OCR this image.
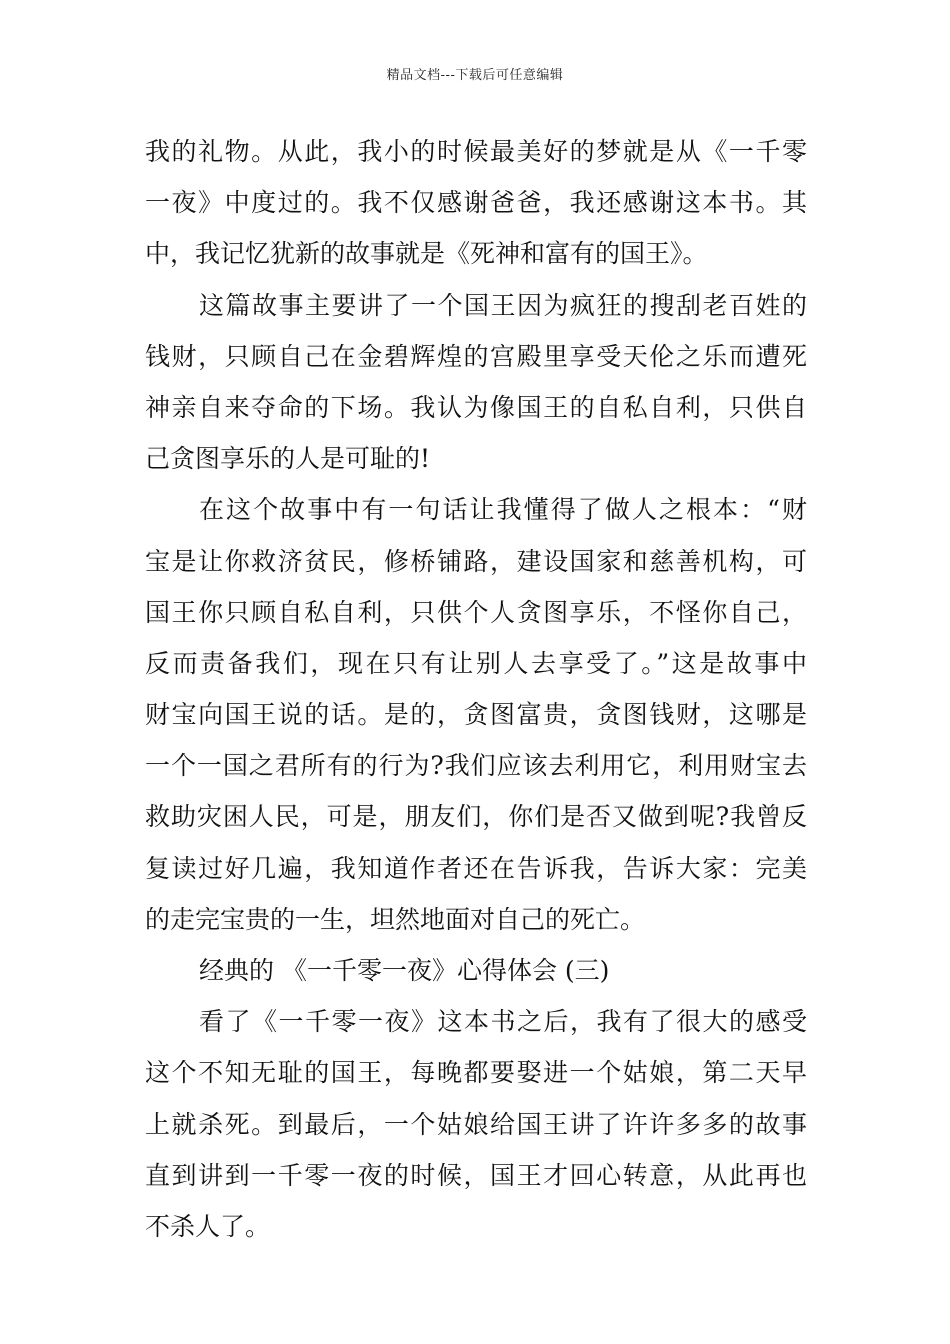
精品文档---下载后可任意编辑
我的礼物。从此，我小的时候最美好的梦就是从《一千零
一夜》中度过的。我不仅感谢爸爸，我还感谢这本书。其
中，我记忆犹新的故事就是《死神和富有的国王》。
这篇故事主要讲了一个国王因为疯狂的搜刮老百姓的
钱财，只顾自己在金碧辉煌的宫殿里享受天伦之乐而遭死
神亲自来夺命的下场。我认为像国王的自私自利，只供自
己贪图享乐的人是可耻的!
在这个故事中有一句话让我懂得了做人之根本：“财
宝是让你救济贫民，修桥铺路，建设国家和慈善机构，可
国王你只顾自私自利，只供个人贪图享乐，不怪你自己，
反而责备我们，现在只有让别人去享受了。”这是故事中
财宝向国王说的话。是的，贪图富贵，贪图钱财，这哪是
一个一国之君所有的行为?我们应该去利用它，利用财宝去
救助灾困人民，可是，朋友们，你们是否又做到呢?我曾反
复读过好几遍，我知道作者还在告诉我，告诉大家：完美
的走完宝贵的一生，坦然地面对自己的死亡。
经典的 《一千零一夜》心得体会 (三)
看了《一千零一夜》这本书之后，我有了很大的感受
这个不知无耻的国王，每晚都要娶进一个姑娘，第二天早
上就杀死。到最后，一个姑娘给国王讲了许许多多的故事
直到讲到一千零一夜的时候，国王才回心转意，从此再也
不杀人了。
